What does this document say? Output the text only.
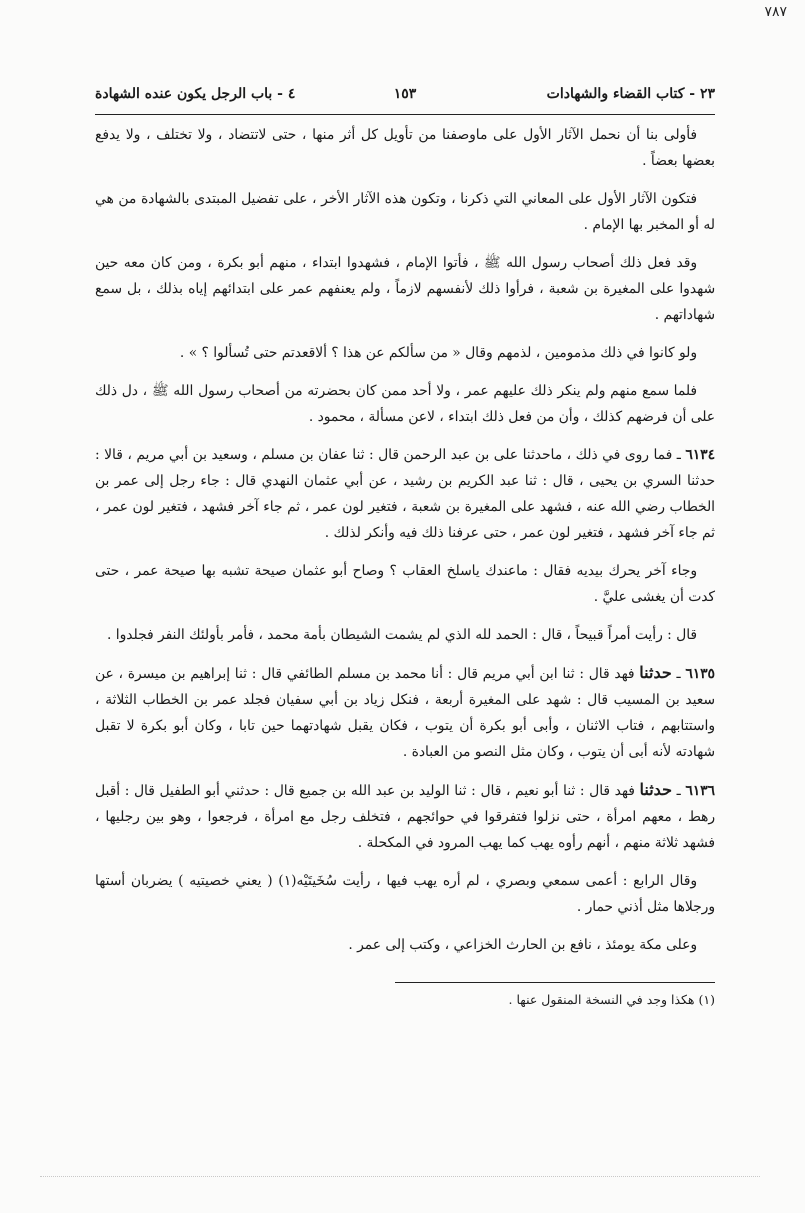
٧٨٧
٢٣ - كتاب القضاء والشهادات
١٥٣
٤ - باب الرجل يكون عنده الشهادة

فأولى بنا أن نحمل الآثار الأول على ماوصفنا من تأويل كل أثر منها ، حتى لاتتضاد ، ولا تختلف ، ولا يدفع بعضها بعضاً .

فتكون الآثار الأول على المعاني التي ذكرنا ، وتكون هذه الآثار الأخر ، على تفضيل المبتدى بالشهادة من هي له أو المخبر بها الإمام .

وقد فعل ذلك أصحاب رسول الله ﷺ ، فأتوا الإمام ، فشهدوا ابتداء ، منهم أبو بكرة ، ومن كان معه حين شهدوا على المغيرة بن شعبة ، فرأوا ذلك لأنفسهم لازماً ، ولم يعنفهم عمر على ابتدائهم إياه بذلك ، بل سمع شهاداتهم .

ولو كانوا في ذلك مذمومين ، لذمهم وقال « من سألكم عن هذا ؟ ألاقعدتم حتى تُسألوا ؟ » .

فلما سمع منهم ولم ينكر ذلك عليهم عمر ، ولا أحد ممن كان بحضرته من أصحاب رسول الله ﷺ ، دل ذلك على أن فرضهم كذلك ، وأن من فعل ذلك ابتداء ، لاعن مسألة ، محمود .

٦١٣٤ ـ فما روى في ذلك ، ماحدثنا على بن عبد الرحمن قال : ثنا عفان بن مسلم ، وسعيد بن أبي مريم ، قالا : حدثنا السري بن يحيى ، قال : ثنا عبد الكريم بن رشيد ، عن أبي عثمان النهدي قال : جاء رجل إلى عمر بن الخطاب رضي الله عنه ، فشهد على المغيرة بن شعبة ، فتغير لون عمر ، ثم جاء آخر فشهد ، فتغير لون عمر ، ثم جاء آخر فشهد ، فتغير لون عمر ، حتى عرفنا ذلك فيه وأنكر لذلك .

وجاء آخر يحرك بيديه فقال : ماعندك ياسلخ العقاب ؟ وصاح أبو عثمان صيحة تشبه بها صيحة عمر ، حتى كدت أن يغشى عليَّ .

قال : رأيت أمراً قبيحاً ، قال : الحمد لله الذي لم يشمت الشيطان بأمة محمد ، فأمر بأولئك النفر فجلدوا .

٦١٣٥ ـ حدثنا فهد قال : ثنا ابن أبي مريم قال : أنا محمد بن مسلم الطائفي قال : ثنا إبراهيم بن ميسرة ، عن سعيد بن المسيب قال : شهد على المغيرة أربعة ، فنكل زياد بن أبي سفيان فجلد عمر بن الخطاب الثلاثة ، واستتابهم ، فتاب الاثنان ، وأبى أبو بكرة أن يتوب ، فكان يقبل شهادتهما حين تابا ، وكان أبو بكرة لا تقبل شهادته لأنه أبى أن يتوب ، وكان مثل النصو من العبادة .

٦١٣٦ ـ حدثنا فهد قال : ثنا أبو نعيم ، قال : ثنا الوليد بن عبد الله بن جميع قال : حدثني أبو الطفيل قال : أقبل رهط ، معهم امرأة ، حتى نزلوا فتفرقوا في حوائجهم ، فتخلف رجل مع امرأة ، فرجعوا ، وهو بين رجليها ، فشهد ثلاثة منهم ، أنهم رأوه يهب كما يهب المرود في المكحلة .

وقال الرابع : أعمى سمعي وبصري ، لم أره يهب فيها ، رأيت سُخَيتَيْه(١) ( يعني خصيتيه ) يضربان أستها ورجلاها مثل أذني حمار .

وعلى مكة يومئذ ، نافع بن الحارث الخزاعي ، وكتب إلى عمر .

(١) هكذا وجد في النسخة المنقول عنها .
